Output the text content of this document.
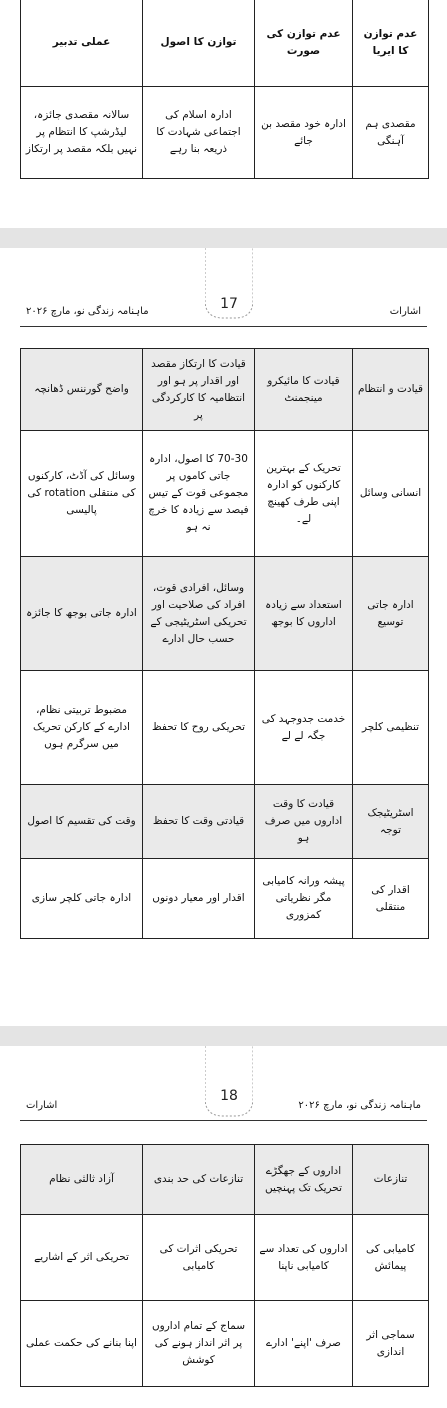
عدم توازن کا ایریا	عدم توازن کی صورت	توازن کا اصول	عملی تدبیر
مقصدی ہم آہنگی	ادارہ خود مقصد بن جائے	ادارہ اسلام کی اجتماعی شہادت کا ذریعہ بنا رہے	سالانہ مقصدی جائزہ، لیڈرشپ کا انتظام پر نہیں بلکہ مقصد پر ارتکاز
17
ماہنامہ زندگی نو، مارچ ۲۰۲۶	اشارات
قیادت و انتظام	قیادت کا مائیکرو مینجمنٹ	قیادت کا ارتکاز مقصد اور اقدار پر ہو اور انتظامیہ کا کارکردگی پر	واضح گورننس ڈھانچہ
انسانی وسائل	تحریک کے بہترین کارکنوں کو ادارہ اپنی طرف کھینچ لے۔	70-30 کا اصول، ادارہ جاتی کاموں پر مجموعی قوت کے تیس فیصد سے زیادہ کا خرچ نہ ہو	وسائل کی آڈٹ، کارکنوں کی منتقلی rotation کی پالیسی
ادارہ جاتی توسیع	استعداد سے زیادہ اداروں کا بوجھ	وسائل، افرادی قوت، افراد کی صلاحیت اور تحریکی اسٹریٹیجی کے حسب حال ادارے	ادارہ جاتی بوجھ کا جائزہ
تنظیمی کلچر	خدمت جدوجہد کی جگہ لے لے	تحریکی روح کا تحفظ	مضبوط تربیتی نظام، ادارے کے کارکن تحریک میں سرگرم ہوں
اسٹریٹیجک توجہ	قیادت کا وقت اداروں میں صرف ہو	قیادتی وقت کا تحفظ	وقت کی تقسیم کا اصول
اقدار کی منتقلی	پیشہ ورانہ کامیابی مگر نظریاتی کمزوری	اقدار اور معیار دونوں	ادارہ جاتی کلچر سازی
18
اشارات	ماہنامہ زندگی نو، مارچ ۲۰۲۶
تنازعات	اداروں کے جھگڑے تحریک تک پہنچیں	تنازعات کی حد بندی	آزاد ثالثی نظام
کامیابی کی پیمائش	اداروں کی تعداد سے کامیابی ناپنا	تحریکی اثرات کی کامیابی	تحریکی اثر کے اشاریے
سماجی اثر اندازی	صرف 'اپنے' ادارے	سماج کے تمام اداروں پر اثر انداز ہونے کی کوشش	اپنا بنانے کی حکمت عملی
